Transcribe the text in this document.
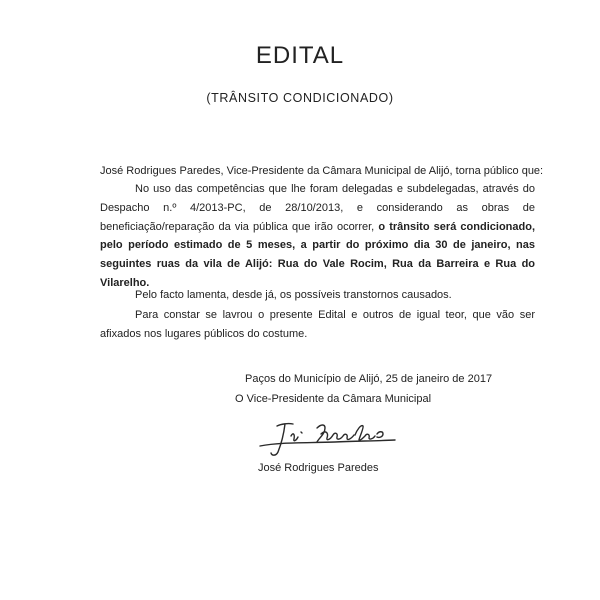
EDITAL
(TRÂNSITO CONDICIONADO)
José Rodrigues Paredes, Vice-Presidente da Câmara Municipal de Alijó, torna público que:
No uso das competências que lhe foram delegadas e subdelegadas, através do Despacho n.º 4/2013-PC, de 28/10/2013, e considerando as obras de beneficiação/reparação da via pública que irão ocorrer, o trânsito será condicionado, pelo período estimado de 5 meses, a partir do próximo dia 30 de janeiro, nas seguintes ruas da vila de Alijó: Rua do Vale Rocim, Rua da Barreira e Rua do Vilarelho.
Pelo facto lamenta, desde já, os possíveis transtornos causados.
Para constar se lavrou o presente Edital e outros de igual teor, que vão ser afixados nos lugares públicos do costume.
Paços do Município de Alijó, 25 de janeiro de 2017
O Vice-Presidente da Câmara Municipal
José Rodrigues Paredes
